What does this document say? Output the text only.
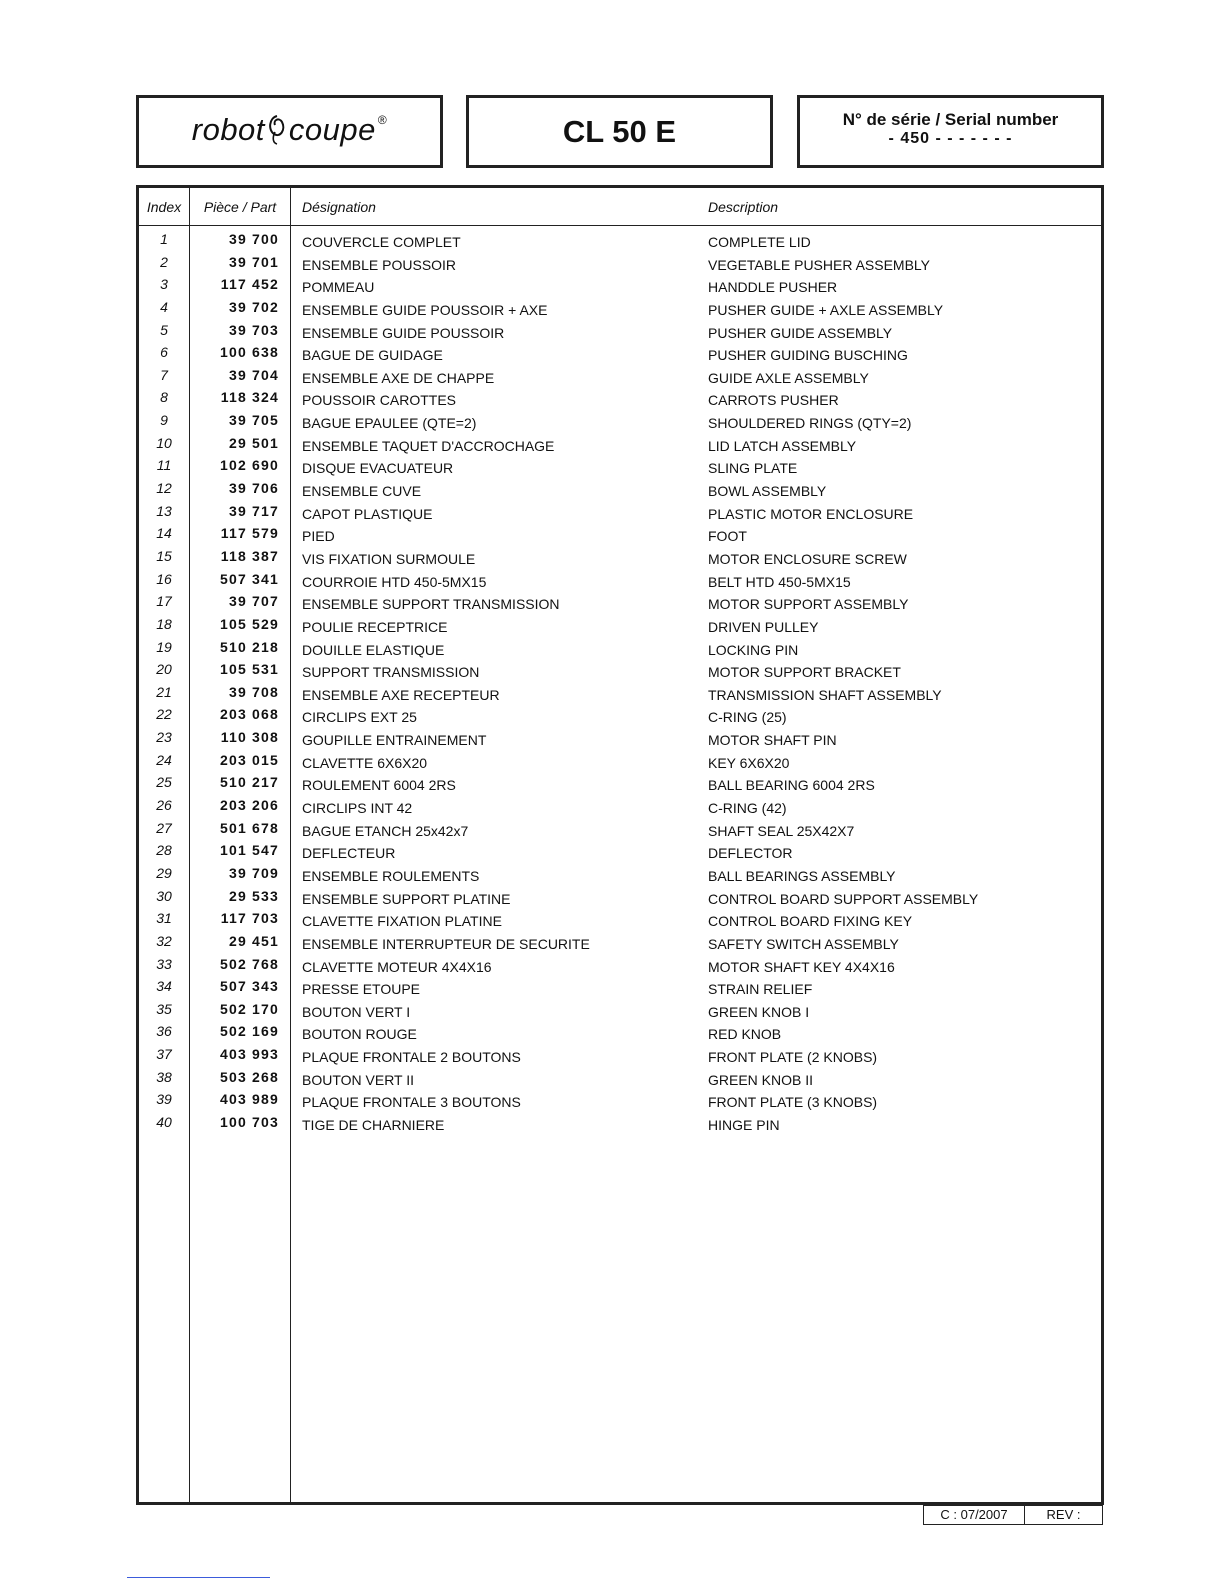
robot coupe ®	CL 50 E	N° de série / Serial number
- 450 - - - - - - -
Index	Pièce / Part	Désignation	Description
1	39 700 COUVERCLE COMPLET	COMPLETE LID
2	39 701 ENSEMBLE POUSSOIR	VEGETABLE PUSHER ASSEMBLY
3	117 452 POMMEAU	HANDDLE PUSHER
4	39 702 ENSEMBLE GUIDE POUSSOIR + AXE	PUSHER GUIDE + AXLE ASSEMBLY
5	39 703 ENSEMBLE GUIDE POUSSOIR	PUSHER GUIDE ASSEMBLY
6	100 638 BAGUE DE GUIDAGE	PUSHER GUIDING BUSCHING
7	39 704 ENSEMBLE AXE DE CHAPPE	GUIDE AXLE ASSEMBLY
8	118 324 POUSSOIR CAROTTES	CARROTS PUSHER
9	39 705 BAGUE EPAULEE (QTE=2)	SHOULDERED RINGS (QTY=2)
10	29 501 ENSEMBLE TAQUET D'ACCROCHAGE	LID LATCH ASSEMBLY
11	102 690 DISQUE EVACUATEUR	SLING PLATE
12	39 706 ENSEMBLE CUVE	BOWL ASSEMBLY
13	39 717 CAPOT PLASTIQUE	PLASTIC MOTOR ENCLOSURE
14	117 579 PIED	FOOT
15	118 387 VIS FIXATION SURMOULE	MOTOR ENCLOSURE SCREW
16	507 341 COURROIE HTD 450-5MX15	BELT HTD 450-5MX15
17	39 707 ENSEMBLE SUPPORT TRANSMISSION	MOTOR SUPPORT ASSEMBLY
18	105 529 POULIE RECEPTRICE	DRIVEN PULLEY
19	510 218 DOUILLE ELASTIQUE	LOCKING PIN
20	105 531 SUPPORT TRANSMISSION	MOTOR SUPPORT BRACKET
21	39 708 ENSEMBLE AXE RECEPTEUR	TRANSMISSION SHAFT ASSEMBLY
22	203 068 CIRCLIPS EXT 25	C-RING (25)
23	110 308 GOUPILLE ENTRAINEMENT	MOTOR SHAFT PIN
24	203 015 CLAVETTE 6X6X20	KEY 6X6X20
25	510 217 ROULEMENT 6004 2RS	BALL BEARING 6004 2RS
26	203 206 CIRCLIPS INT 42	C-RING (42)
27	501 678 BAGUE ETANCH 25x42x7	SHAFT SEAL 25X42X7
28	101 547 DEFLECTEUR	DEFLECTOR
29	39 709 ENSEMBLE ROULEMENTS	BALL BEARINGS ASSEMBLY
30	29 533 ENSEMBLE SUPPORT PLATINE	CONTROL BOARD SUPPORT ASSEMBLY
31	117 703 CLAVETTE FIXATION PLATINE	CONTROL BOARD FIXING KEY
32	29 451 ENSEMBLE INTERRUPTEUR DE SECURITE	SAFETY SWITCH ASSEMBLY
33	502 768 CLAVETTE MOTEUR 4X4X16	MOTOR SHAFT KEY 4X4X16
34	507 343 PRESSE ETOUPE	STRAIN RELIEF
35	502 170 BOUTON VERT I	GREEN KNOB I
36	502 169 BOUTON ROUGE	RED KNOB
37	403 993 PLAQUE FRONTALE 2 BOUTONS	FRONT PLATE (2 KNOBS)
38	503 268 BOUTON VERT II	GREEN KNOB II
39	403 989 PLAQUE FRONTALE 3 BOUTONS	FRONT PLATE (3 KNOBS)
40	100 703 TIGE DE CHARNIERE	HINGE PIN
C : 07/2007	REV :
